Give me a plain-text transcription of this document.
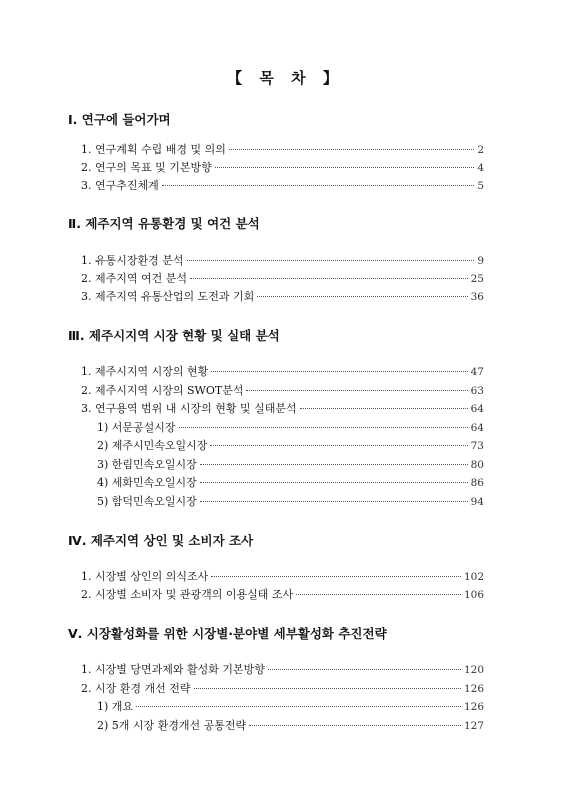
【 목 차 】
Ⅰ. 연구에 들어가며
1. 연구계획 수립 배경 및 의의	2
2. 연구의 목표 및 기본방향	4
3. 연구추진체계	5
Ⅱ. 제주지역 유통환경 및 여건 분석
1. 유통시장환경 분석	9
2. 제주지역 여건 분석	25
3. 제주지역 유통산업의 도전과 기회	36
Ⅲ. 제주시지역 시장 현황 및 실태 분석
1. 제주시지역 시장의 현황	47
2. 제주시지역 시장의 SWOT분석	63
3. 연구용역 범위 내 시장의 현황 및 실태분석	64
1) 서문공설시장	64
2) 제주시민속오일시장	73
3) 한림민속오일시장	80
4) 세화민속오일시장	86
5) 함덕민속오일시장	94
Ⅳ. 제주지역 상인 및 소비자 조사
1. 시장별 상인의 의식조사	102
2. 시장별 소비자 및 관광객의 이용실태 조사	106
Ⅴ. 시장활성화를 위한 시장별·분야별 세부활성화 추진전략
1. 시장별 당면과제와 활성화 기본방향	120
2. 시장 환경 개선 전략	126
1) 개요	126
2) 5개 시장 환경개선 공통전략	127
